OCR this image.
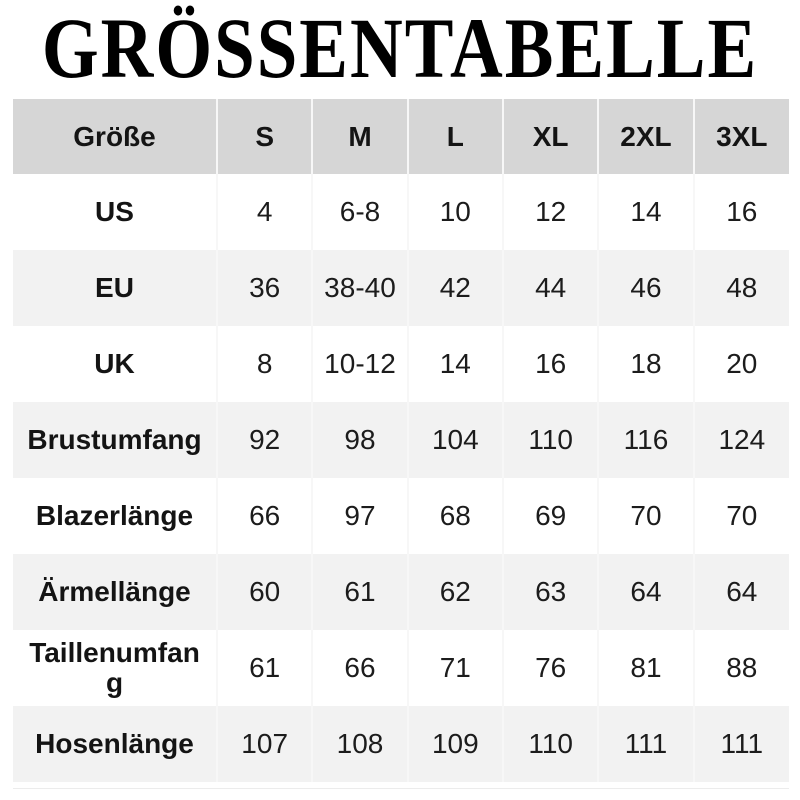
GRÖSSENTABELLE
Größe	S	M	L	XL	2XL	3XL
US	4	6-8	10	12	14	16
EU	36	38-40	42	44	46	48
UK	8	10-12	14	16	18	20
Brustumfang	92	98	104	110	116	124
Blazerlänge	66	97	68	69	70	70
Ärmellänge	60	61	62	63	64	64
Taillenumfang	61	66	71	76	81	88
Hosenlänge	107	108	109	110	111	111
